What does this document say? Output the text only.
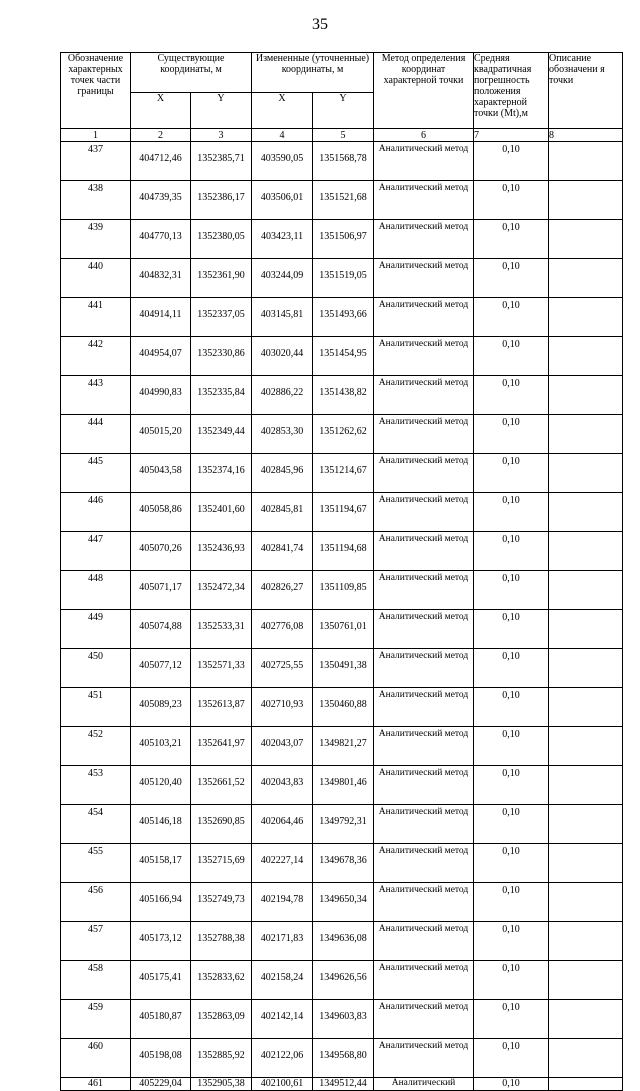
35
Обозначение характерных точек части границы	Существующие координаты, м		Измененные (уточненные) координаты, м		Метод определения координат характерной точки	Средняя квадратичная погрешность положения характерной точки (Mt),м	Описание обозначени я точки
	X	Y	X	Y			
1	2	3	4	5	6	7	8
437	404712,46	1352385,71	403590,05	1351568,78	Аналитический метод	0,10	
438	404739,35	1352386,17	403506,01	1351521,68	Аналитический метод	0,10	
439	404770,13	1352380,05	403423,11	1351506,97	Аналитический метод	0,10	
440	404832,31	1352361,90	403244,09	1351519,05	Аналитический метод	0,10	
441	404914,11	1352337,05	403145,81	1351493,66	Аналитический метод	0,10	
442	404954,07	1352330,86	403020,44	1351454,95	Аналитический метод	0,10	
443	404990,83	1352335,84	402886,22	1351438,82	Аналитический метод	0,10	
444	405015,20	1352349,44	402853,30	1351262,62	Аналитический метод	0,10	
445	405043,58	1352374,16	402845,96	1351214,67	Аналитический метод	0,10	
446	405058,86	1352401,60	402845,81	1351194,67	Аналитический метод	0,10	
447	405070,26	1352436,93	402841,74	1351194,68	Аналитический метод	0,10	
448	405071,17	1352472,34	402826,27	1351109,85	Аналитический метод	0,10	
449	405074,88	1352533,31	402776,08	1350761,01	Аналитический метод	0,10	
450	405077,12	1352571,33	402725,55	1350491,38	Аналитический метод	0,10	
451	405089,23	1352613,87	402710,93	1350460,88	Аналитический метод	0,10	
452	405103,21	1352641,97	402043,07	1349821,27	Аналитический метод	0,10	
453	405120,40	1352661,52	402043,83	1349801,46	Аналитический метод	0,10	
454	405146,18	1352690,85	402064,46	1349792,31	Аналитический метод	0,10	
455	405158,17	1352715,69	402227,14	1349678,36	Аналитический метод	0,10	
456	405166,94	1352749,73	402194,78	1349650,34	Аналитический метод	0,10	
457	405173,12	1352788,38	402171,83	1349636,08	Аналитический метод	0,10	
458	405175,41	1352833,62	402158,24	1349626,56	Аналитический метод	0,10	
459	405180,87	1352863,09	402142,14	1349603,83	Аналитический метод	0,10	
460	405198,08	1352885,92	402122,06	1349568,80	Аналитический метод	0,10	
461	405229,04	1352905,38	402100,61	1349512,44	Аналитический	0,10	
